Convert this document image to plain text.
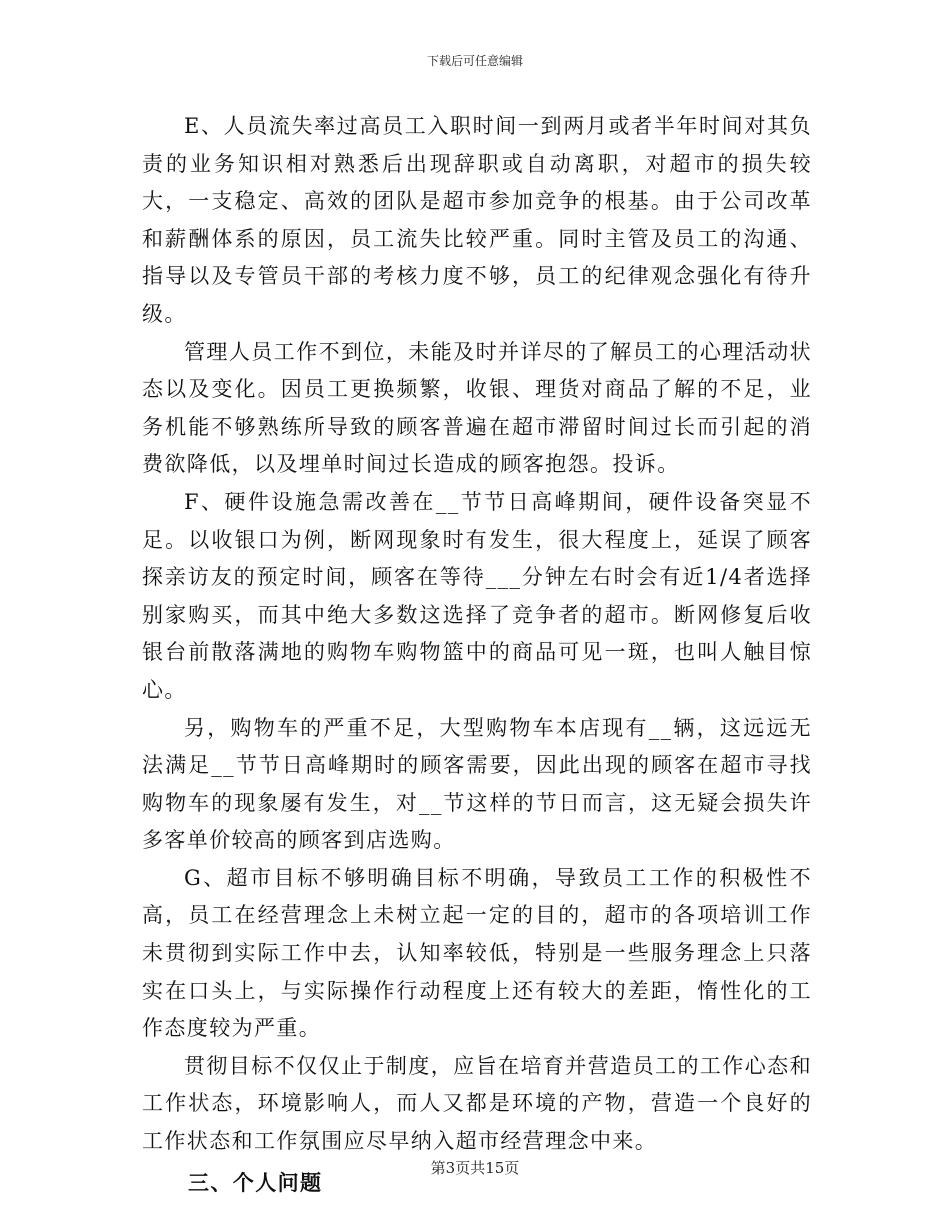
下载后可任意编辑

E、人员流失率过高员工入职时间一到两月或者半年时间对其负责的业务知识相对熟悉后出现辞职或自动离职，对超市的损失较大，一支稳定、高效的团队是超市参加竞争的根基。由于公司改革和薪酬体系的原因，员工流失比较严重。同时主管及员工的沟通、指导以及专管员干部的考核力度不够，员工的纪律观念强化有待升级。

管理人员工作不到位，未能及时并详尽的了解员工的心理活动状态以及变化。因员工更换频繁，收银、理货对商品了解的不足，业务机能不够熟练所导致的顾客普遍在超市滞留时间过长而引起的消费欲降低，以及埋单时间过长造成的顾客抱怨。投诉。

F、硬件设施急需改善在__节节日高峰期间，硬件设备突显不足。以收银口为例，断网现象时有发生，很大程度上，延误了顾客探亲访友的预定时间，顾客在等待___分钟左右时会有近1/4者选择别家购买，而其中绝大多数这选择了竞争者的超市。断网修复后收银台前散落满地的购物车购物篮中的商品可见一斑，也叫人触目惊心。

另，购物车的严重不足，大型购物车本店现有__辆，这远远无法满足__节节日高峰期时的顾客需要，因此出现的顾客在超市寻找购物车的现象屡有发生，对__节这样的节日而言，这无疑会损失许多客单价较高的顾客到店选购。

G、超市目标不够明确目标不明确，导致员工工作的积极性不高，员工在经营理念上未树立起一定的目的，超市的各项培训工作未贯彻到实际工作中去，认知率较低，特别是一些服务理念上只落实在口头上，与实际操作行动程度上还有较大的差距，惰性化的工作态度较为严重。

贯彻目标不仅仅止于制度，应旨在培育并营造员工的工作心态和工作状态，环境影响人，而人又都是环境的产物，营造一个良好的工作状态和工作氛围应尽早纳入超市经营理念中来。

三、个人问题
第3页共15页
